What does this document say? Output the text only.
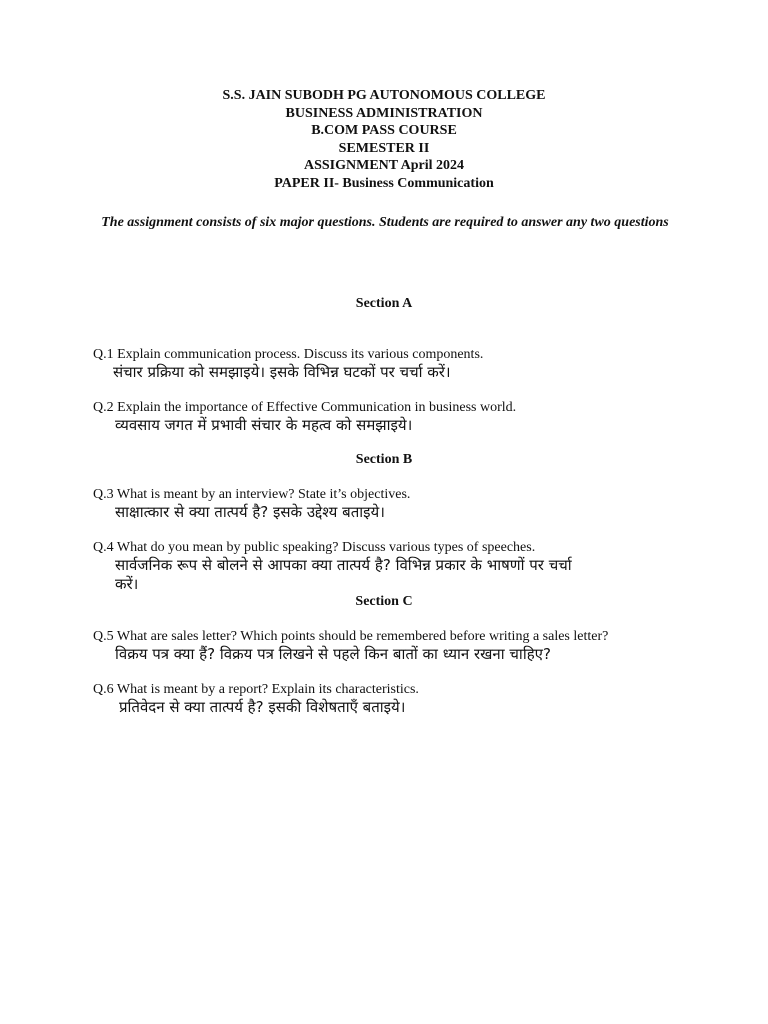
S.S. JAIN SUBODH PG AUTONOMOUS COLLEGE
BUSINESS ADMINISTRATION
B.COM PASS COURSE
SEMESTER II
ASSIGNMENT April 2024
PAPER II- Business Communication
The assignment consists of six major questions. Students are required to answer any two questions
Section A
Q.1 Explain communication process. Discuss its various components.
संचार प्रक्रिया को समझाइये। इसके विभिन्न घटकों पर चर्चा करें।
Q.2 Explain the importance of Effective Communication in business world.
व्यवसाय जगत में प्रभावी संचार के महत्व को समझाइये।
Section B
Q.3 What is meant by an interview? State it’s objectives.
साक्षात्कार से क्या तात्पर्य है? इसके उद्देश्य बताइये।
Q.4 What do you mean by public speaking? Discuss various types of speeches.
सार्वजनिक रूप से बोलने से आपका क्या तात्पर्य है? विभिन्न प्रकार के भाषणों पर चर्चा करें।
Section C
Q.5 What are sales letter? Which points should be remembered before writing a sales letter?
विक्रय पत्र क्या हैं? विक्रय पत्र लिखने से पहले किन बातों का ध्यान रखना चाहिए?
Q.6 What is meant by a report? Explain its characteristics.
प्रतिवेदन से क्या तात्पर्य है? इसकी विशेषताएँ बताइये।
